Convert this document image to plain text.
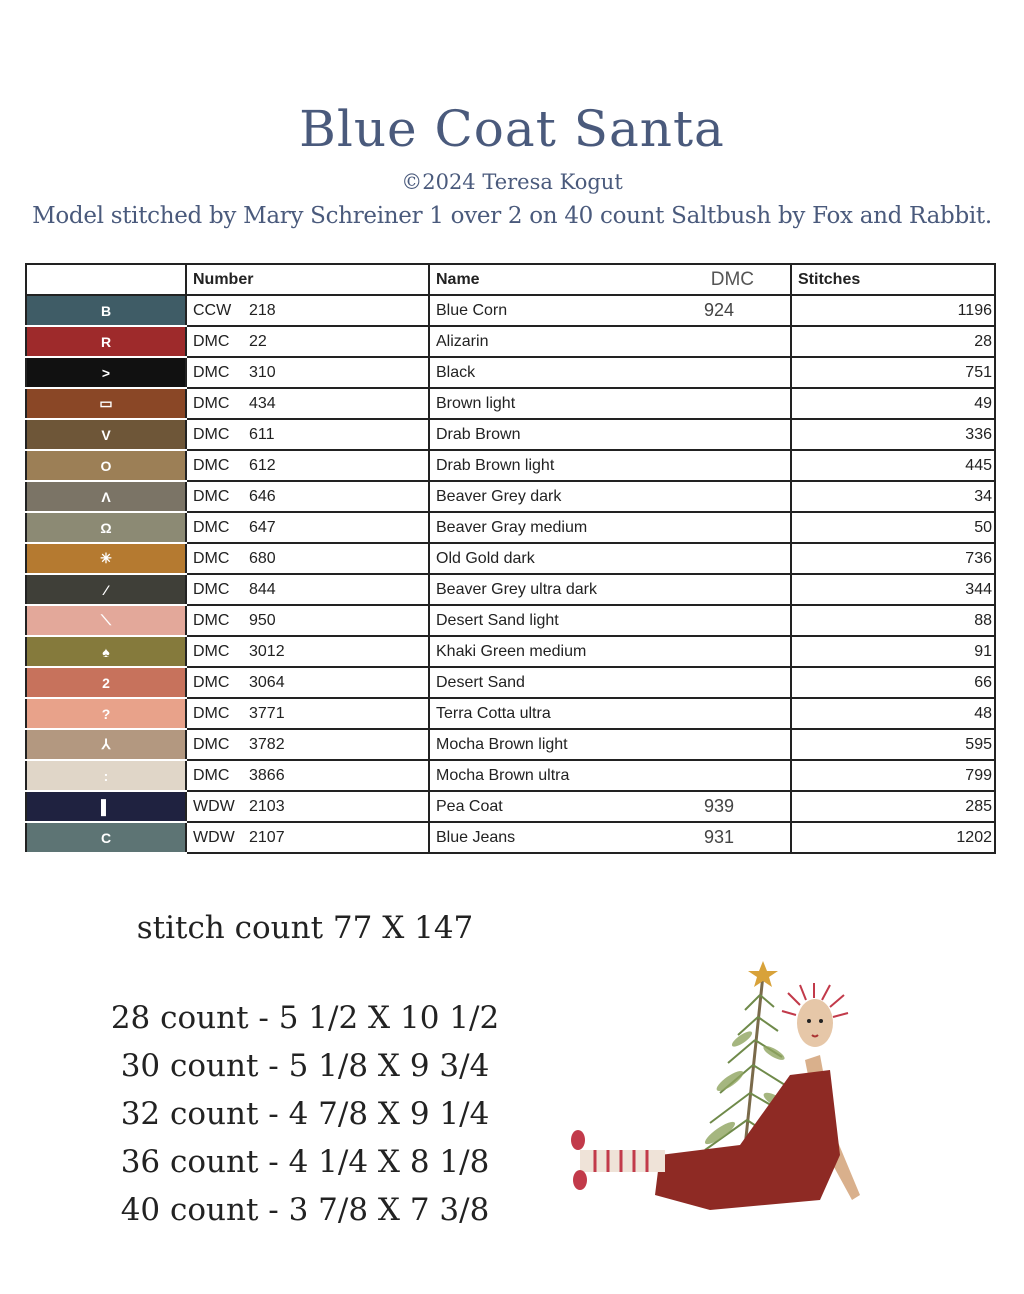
Blue Coat Santa
©2024 Teresa Kogut
Model stitched by Mary Schreiner 1 over 2 on 40 count Saltbush by Fox and Rabbit.
	Number	Name	DMC	Stitches
B	CCW 218	Blue Corn	924	1196
R	DMC 22	Alizarin		28
>	DMC 310	Black		751
▭	DMC 434	Brown light		49
V	DMC 611	Drab Brown		336
O	DMC 612	Drab Brown light		445
Λ	DMC 646	Beaver Grey dark		34
Ω	DMC 647	Beaver Gray medium		50
✳	DMC 680	Old Gold dark		736
⁄	DMC 844	Beaver Grey ultra dark		344
⟍	DMC 950	Desert Sand light		88
♠	DMC 3012	Khaki Green medium		91
2	DMC 3064	Desert Sand		66
?	DMC 3771	Terra Cotta ultra		48
⅄	DMC 3782	Mocha Brown light		595
:	DMC 3866	Mocha Brown ultra		799
▌	WDW 2103	Pea Coat	939	285
C	WDW 2107	Blue Jeans	931	1202
stitch count 77 X 147
28 count - 5 1/2 X 10 1/2
30 count - 5 1/8 X 9 3/4
32 count - 4 7/8 X 9 1/4
36 count - 4 1/4 X 8 1/8
40 count - 3 7/8 X 7 3/8
